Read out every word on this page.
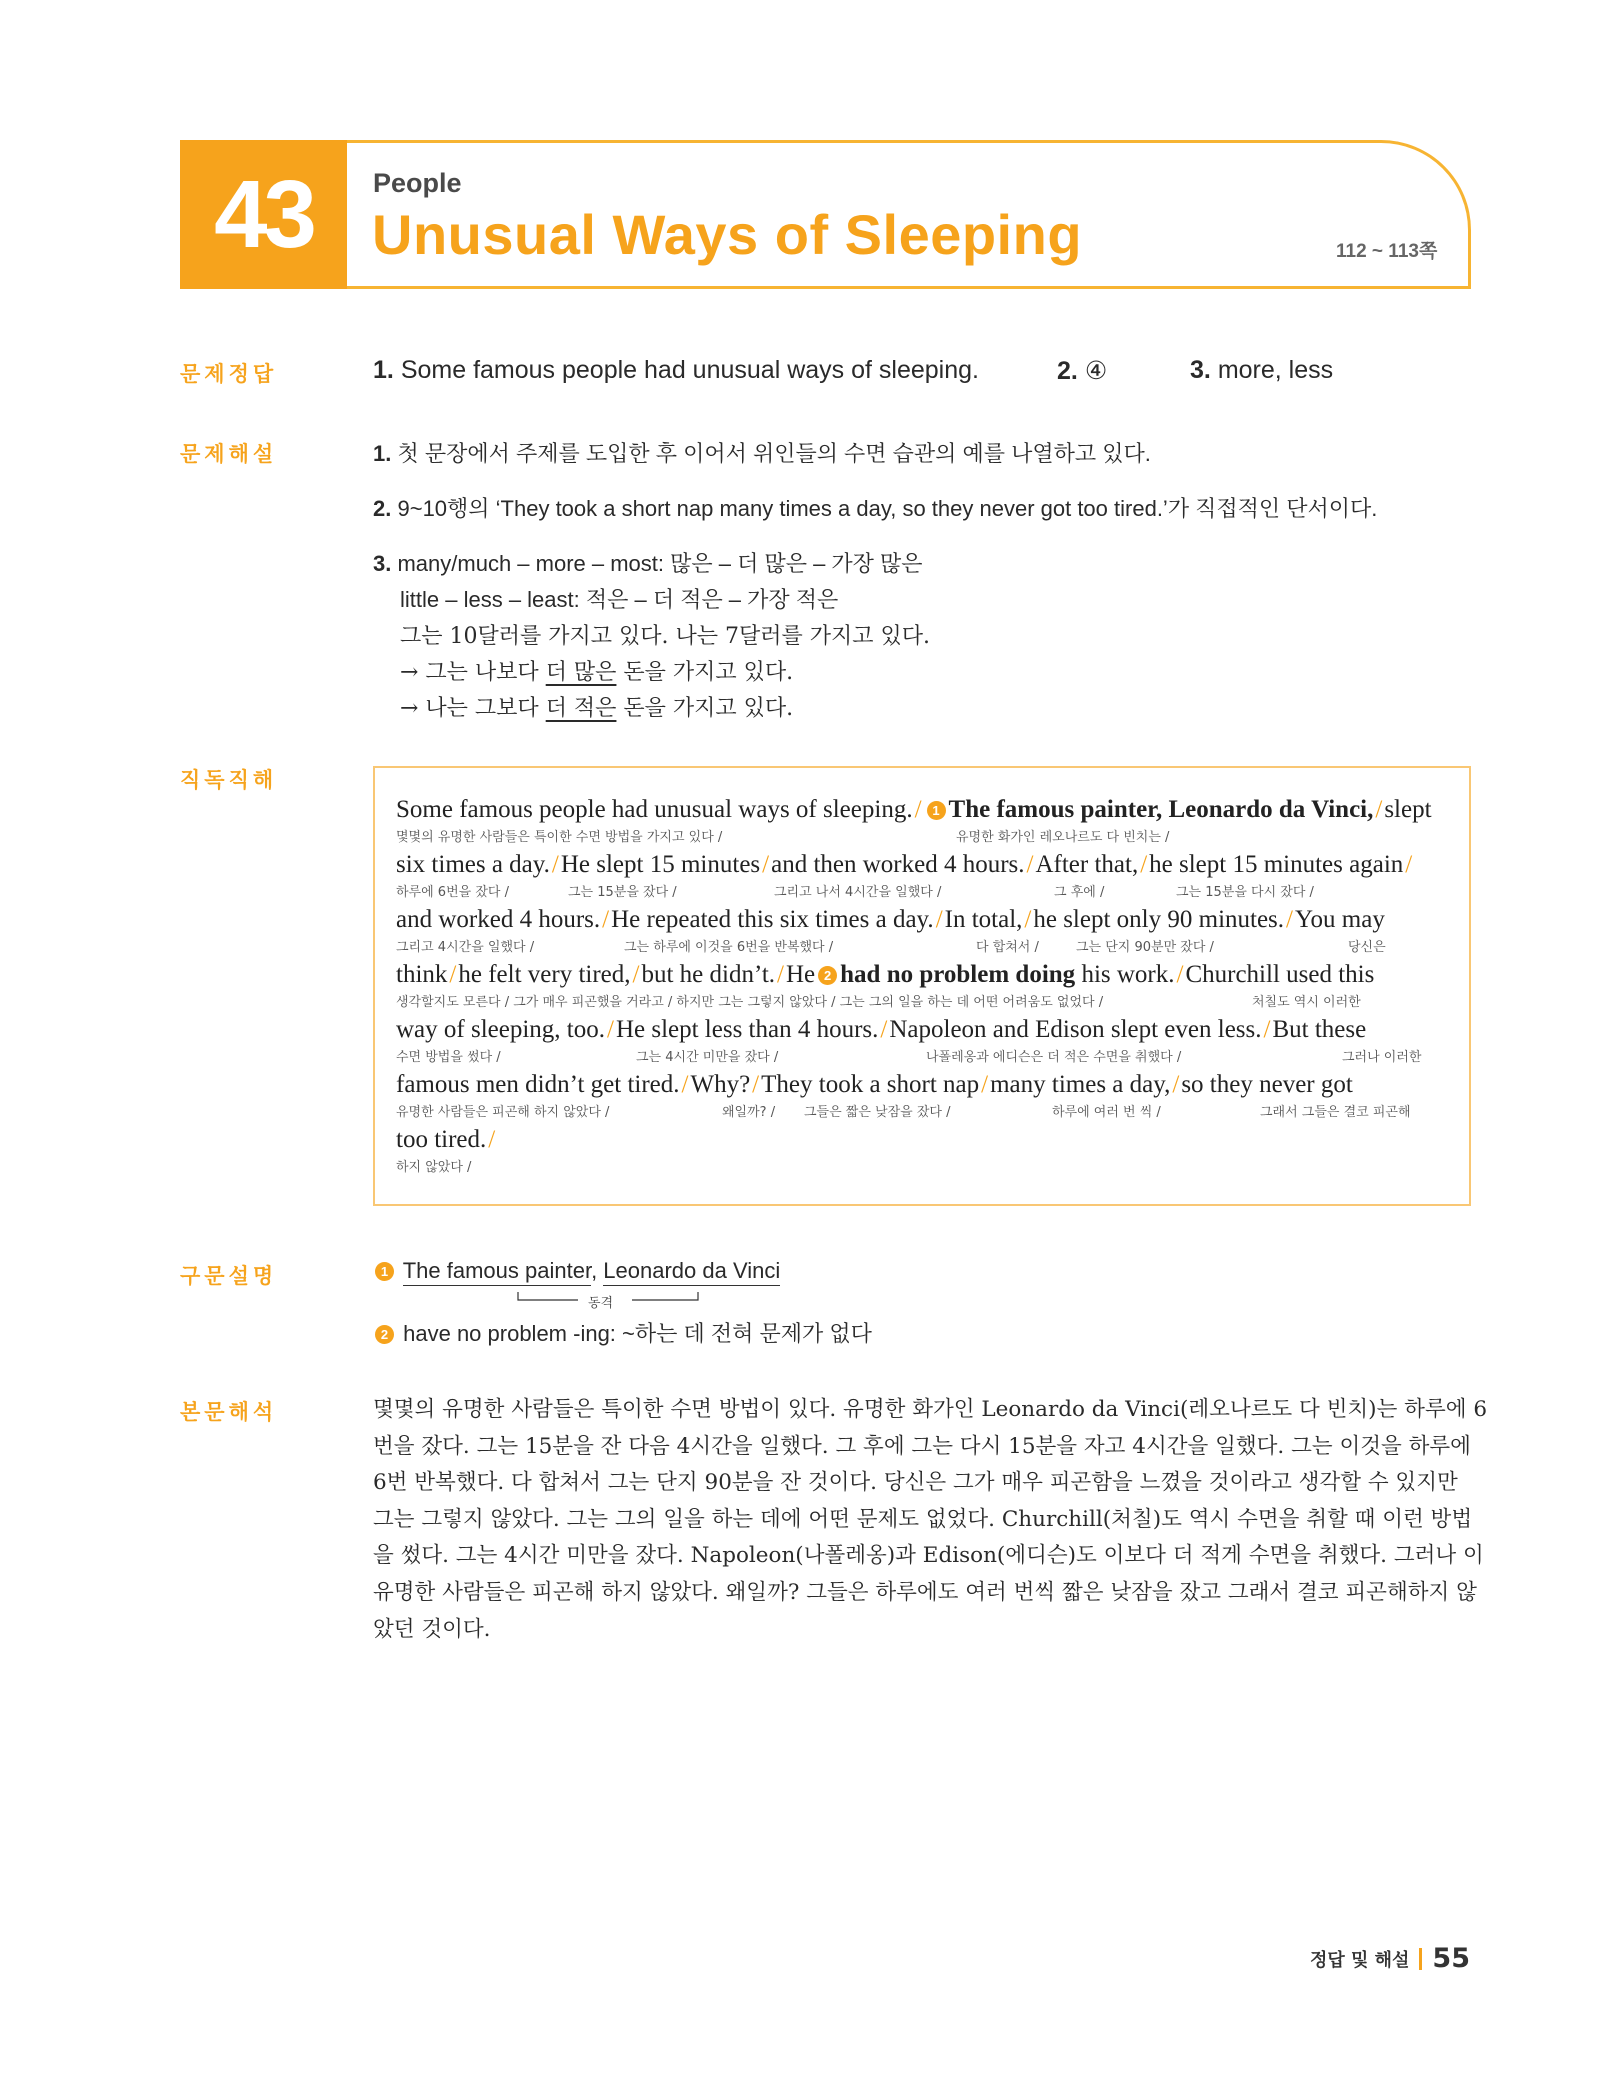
43 People
Unusual Ways of Sleeping	112 ~ 113쪽
문제정답	1. Some famous people had unusual ways of sleeping.	2. ④	3. more, less
문제해설	1. 첫 문장에서 주제를 도입한 후 이어서 위인들의 수면 습관의 예를 나열하고 있다.
2. 9~10행의 ‘They took a short nap many times a day, so they never got too tired.’가 직접적인 단서이다.
3. many/much – more – most: 많은 – 더 많은 – 가장 많은
little – less – least: 적은 – 더 적은 – 가장 적은
그는 10달러를 가지고 있다. 나는 7달러를 가지고 있다.
→ 그는 나보다 더 많은 돈을 가지고 있다.
→ 나는 그보다 더 적은 돈을 가지고 있다.
직독직해
Some famous people had unusual ways of sleeping./ 1 The famous painter, Leonardo da Vinci,/slept
몇몇의 유명한 사람들은 특이한 수면 방법을 가지고 있다 /	유명한 화가인 레오나르도 다 빈치는 /
six times a day./He slept 15 minutes/and then worked 4 hours./After that,/he slept 15 minutes again/
하루에 6번을 잤다 /	그는 15분을 잤다 /	그리고 나서 4시간을 일했다 /	그 후에 /	그는 15분을 다시 잤다 /
and worked 4 hours./He repeated this six times a day./In total,/he slept only 90 minutes./You may
그리고 4시간을 일했다 /	그는 하루에 이것을 6번을 반복했다 /	다 합쳐서 /	그는 단지 90분만 잤다 /	당신은
think/he felt very tired,/but he didn’t./He 2 had no problem doing his work./Churchill used this
생각할지도 모른다 / 그가 매우 피곤했을 거라고 / 하지만 그는 그렇지 않았다 / 그는 그의 일을 하는 데 어떤 어려움도 없었다 /	처칠도 역시 이러한
way of sleeping, too./He slept less than 4 hours./Napoleon and Edison slept even less./But these
수면 방법을 썼다 /	그는 4시간 미만을 잤다 /	나폴레옹과 에디슨은 더 적은 수면을 취했다 /	그러나 이러한
famous men didn’t get tired./Why?/They took a short nap/many times a day,/so they never got
유명한 사람들은 피곤해 하지 않았다 /	왜일까? / 그들은 짧은 낮잠을 잤다 /	하루에 여러 번 씩 /	그래서 그들은 결코 피곤해
too tired./
하지 않았다 /
구문설명	1 The famous painter, Leonardo da Vinci
동격
2 have no problem -ing: ~하는 데 전혀 문제가 없다
본문해석	몇몇의 유명한 사람들은 특이한 수면 방법이 있다. 유명한 화가인 Leonardo da Vinci(레오나르도 다 빈치)는 하루에 6

번을 잤다. 그는 15분을 잔 다음 4시간을 일했다. 그 후에 그는 다시 15분을 자고 4시간을 일했다. 그는 이것을 하루에

6번 반복했다. 다 합쳐서 그는 단지 90분을 잔 것이다. 당신은 그가 매우 피곤함을 느꼈을 것이라고 생각할 수 있지만

그는 그렇지 않았다. 그는 그의 일을 하는 데에 어떤 문제도 없었다. Churchill(처칠)도 역시 수면을 취할 때 이런 방법

을 썼다. 그는 4시간 미만을 잤다. Napoleon(나폴레옹)과 Edison(에디슨)도 이보다 더 적게 수면을 취했다. 그러나 이

유명한 사람들은 피곤해 하지 않았다. 왜일까? 그들은 하루에도 여러 번씩 짧은 낮잠을 잤고 그래서 결코 피곤해하지 않

았던 것이다.

정답 및 해설 55
